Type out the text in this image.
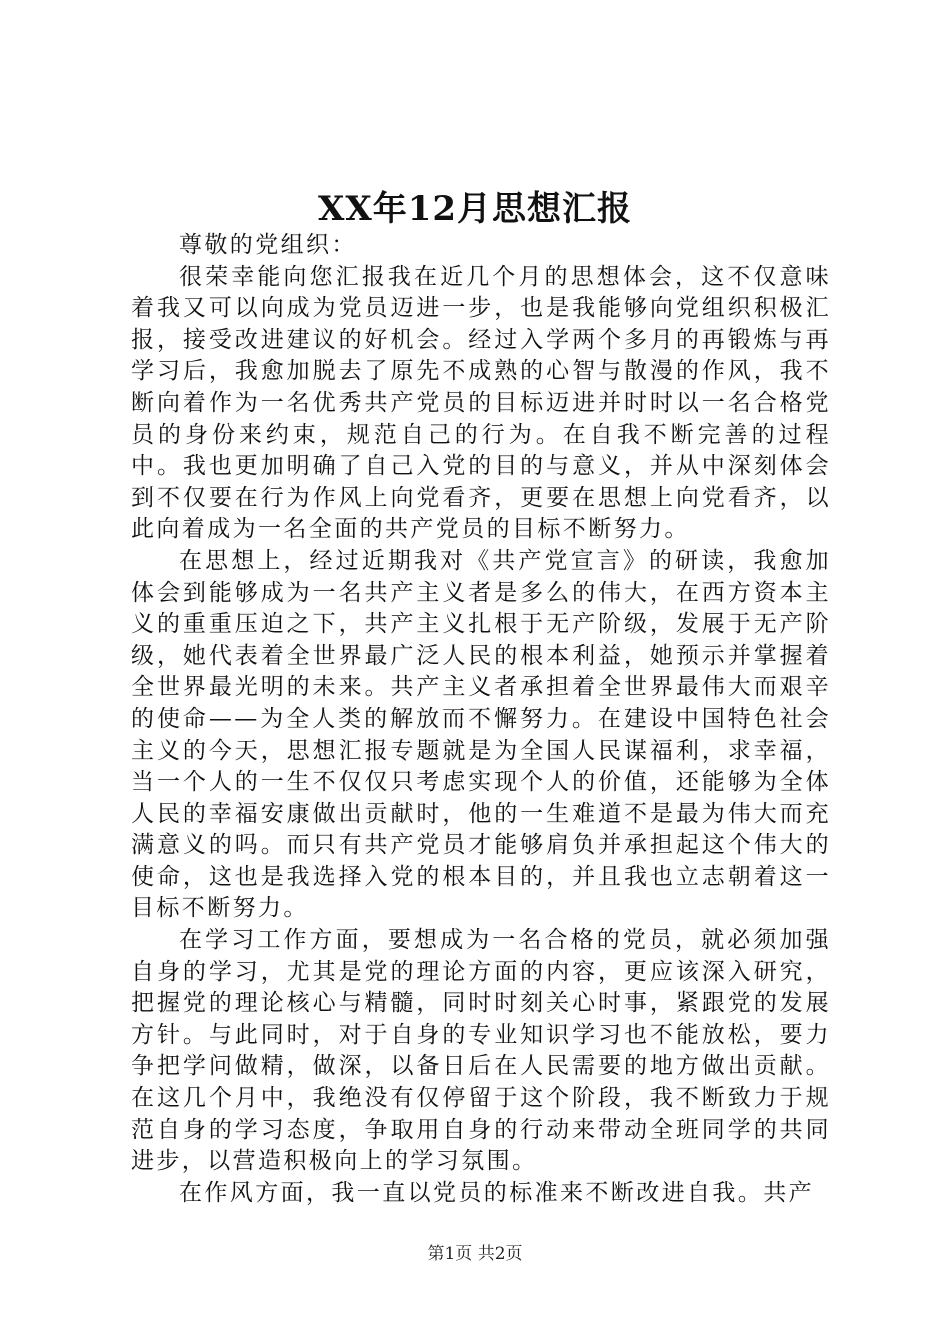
XX年12月思想汇报

尊敬的党组织：

很荣幸能向您汇报我在近几个月的思想体会，这不仅意味着我又可以向成为党员迈进一步，也是我能够向党组织积极汇报，接受改进建议的好机会。经过入学两个多月的再锻炼与再学习后，我愈加脱去了原先不成熟的心智与散漫的作风，我不断向着作为一名优秀共产党员的目标迈进并时时以一名合格党员的身份来约束，规范自己的行为。在自我不断完善的过程中。我也更加明确了自己入党的目的与意义，并从中深刻体会到不仅要在行为作风上向党看齐，更要在思想上向党看齐，以此向着成为一名全面的共产党员的目标不断努力。

在思想上，经过近期我对《共产党宣言》的研读，我愈加体会到能够成为一名共产主义者是多么的伟大，在西方资本主义的重重压迫之下，共产主义扎根于无产阶级，发展于无产阶级，她代表着全世界最广泛人民的根本利益，她预示并掌握着全世界最光明的未来。共产主义者承担着全世界最伟大而艰辛的使命——为全人类的解放而不懈努力。在建设中国特色社会主义的今天，思想汇报专题就是为全国人民谋福利，求幸福，当一个人的一生不仅仅只考虑实现个人的价值，还能够为全体人民的幸福安康做出贡献时，他的一生难道不是最为伟大而充满意义的吗。而只有共产党员才能够肩负并承担起这个伟大的使命，这也是我选择入党的根本目的，并且我也立志朝着这一目标不断努力。

在学习工作方面，要想成为一名合格的党员，就必须加强自身的学习，尤其是党的理论方面的内容，更应该深入研究，把握党的理论核心与精髓，同时时刻关心时事，紧跟党的发展方针。与此同时，对于自身的专业知识学习也不能放松，要力争把学问做精，做深，以备日后在人民需要的地方做出贡献。在这几个月中，我绝没有仅停留于这个阶段，我不断致力于规范自身的学习态度，争取用自身的行动来带动全班同学的共同进步，以营造积极向上的学习氛围。

在作风方面，我一直以党员的标准来不断改进自我。共产

第1页 共2页
